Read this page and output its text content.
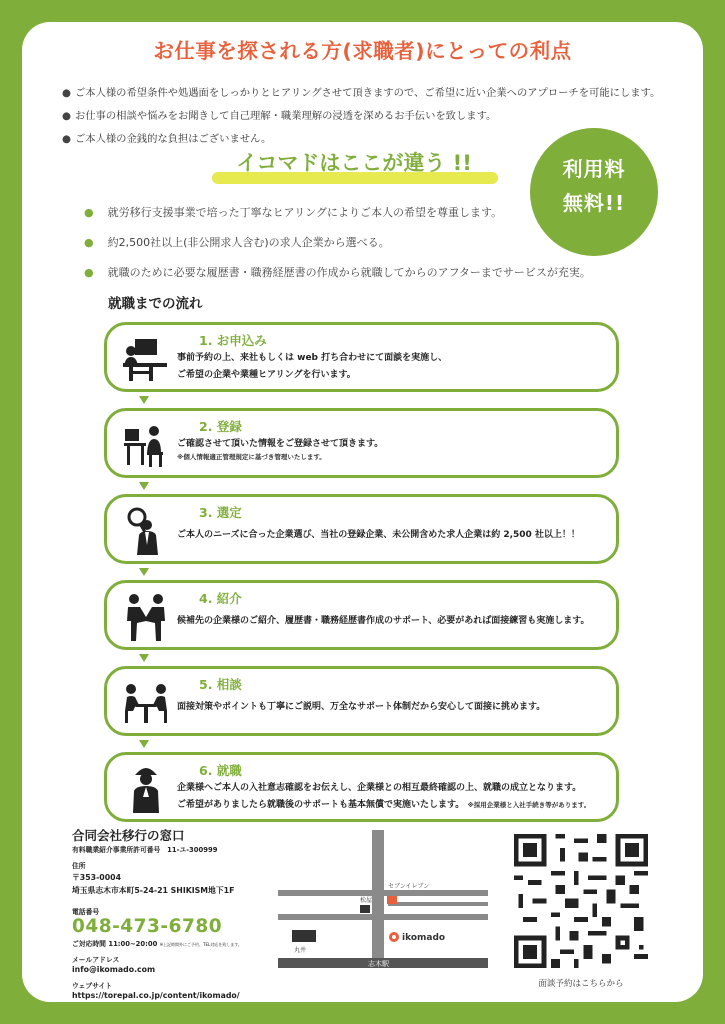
お仕事を探される方(求職者)にとっての利点
● ご本人様の希望条件や処遇面をしっかりとヒアリングさせて頂きますので、ご希望に近い企業へのアプローチを可能にします。
● お仕事の相談や悩みをお聞きして自己理解・職業理解の浸透を深めるお手伝いを致します。
● ご本人様の金銭的な負担はございません。
利用料
無料!!
イコマドはここが違う !!
● 就労移行支援事業で培った丁寧なヒアリングによりご本人の希望を尊重します。
● 約2,500社以上(非公開求人含む)の求人企業から選べる。
● 就職のために必要な履歴書・職務経歴書の作成から就職してからのアフターまでサービスが充実。
就職までの流れ
1. お申込み
事前予約の上、来社もしくは web 打ち合わせにて面談を実施し、
ご希望の企業や業種ヒアリングを行います。
2. 登録
ご確認させて頂いた情報をご登録させて頂きます。
※個人情報適正管理規定に基づき管理いたします。
3. 選定
ご本人のニーズに合った企業選び、当社の登録企業、未公開含めた求人企業は約 2,500 社以上！！
4. 紹介
候補先の企業様のご紹介、履歴書・職務経歴書作成のサポート、必要があれば面接練習も実施します。
5. 相談
面接対策やポイントも丁寧にご説明、万全なサポート体制だから安心して面接に挑めます。
6. 就職
企業様へご本人の入社意志確認をお伝えし、企業様との相互最終確認の上、就職の成立となります。
ご希望がありましたら就職後のサポートも基本無償で実施いたします。 ※採用企業様と入社手続き等があります。
合同会社移行の窓口
有料職業紹介事業所許可番号　11-ユ-300999
住所
〒353-0004
埼玉県志木市本町5-24-21 SHIKISM地下1F
電話番号
048-473-6780
ご対応時間 11:00~20:00 ※上記時間外にご予約、TEL対応を致します。
メールアドレス
info@ikomado.com
ウェブサイト
https://torepal.co.jp/content/ikomado/
セブンイレブン
松屋
丸井
ikomado
志木駅
面談予約はこちらから
